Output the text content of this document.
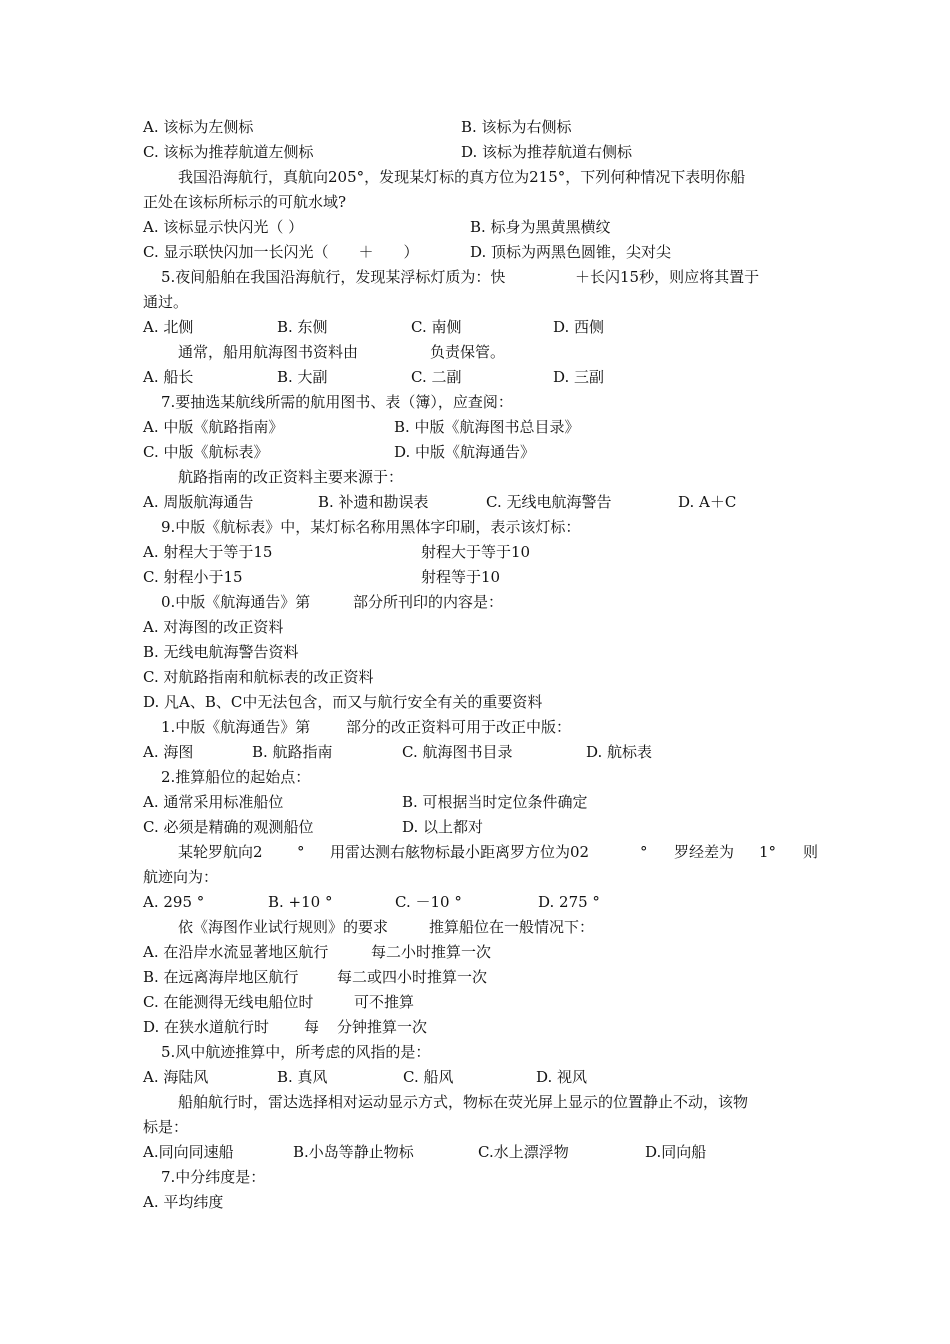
A. 该标为左侧标

	B. 该标为右侧标

C. 该标为推荐航道左侧标

	D. 该标为推荐航道右侧标

我国沿海航行，真航向205°，发现某灯标的真方位为215°，下列何种情况下表明你船

正处在该标所标示的可航水域?

A. 该标显示快闪光（ ）

	B. 标身为黑黄黑横纹

C. 显示联快闪加一长闪光（　　＋　　）

	D. 顶标为两黑色圆锥，尖对尖

5.夜间船舶在我国沿海航行，发现某浮标灯质为：快

	＋长闪15秒，则应将其置于

通过。

A. 北侧

	B. 东侧

	C. 南侧

	D. 西侧

通常，船用航海图书资料由

	负责保管。

A. 船长

	B. 大副

	C. 二副

	D. 三副

7.要抽选某航线所需的航用图书、表（簿），应查阅：

A. 中版《航路指南》

	B. 中版《航海图书总目录》

C. 中版《航标表》

	D. 中版《航海通告》

航路指南的改正资料主要来源于：

A. 周版航海通告

	B. 补遗和勘误表

	C. 无线电航海警告

	D. A＋C

9.中版《航标表》中，某灯标名称用黑体字印刷，表示该灯标：

A. 射程大于等于15

	射程大于等于10

C. 射程小于15

	射程等于10

0.中版《航海通告》第

	部分所刊印的内容是：

A. 对海图的改正资料

B. 无线电航海警告资料

C. 对航路指南和航标表的改正资料

D. 凡A、B、C中无法包含，而又与航行安全有关的重要资料

1.中版《航海通告》第

部分的改正资料可用于改正中版：

A. 海图

	B. 航路指南

	C. 航海图书目录

	D. 航标表

2.推算船位的起始点：

A. 通常采用标准船位

	B. 可根据当时定位条件确定

C. 必须是精确的观测船位

	D. 以上都对

某轮罗航向2

°

用雷达测右舷物标最小距离罗方位为02

	°

罗经差为

1°

则

航迹向为：

A. 295 °

	B. +10 °

	C. －10 °

	D. 275 °

依《海图作业试行规则》的要求

	推算船位在一般情况下：

A. 在沿岸水流显著地区航行

	每二小时推算一次

B. 在远离海岸地区航行

	每二或四小时推算一次

C. 在能测得无线电船位时

	可不推算

D. 在狭水道航行时

每

分钟推算一次

5.风中航迹推算中，所考虑的风指的是：

A. 海陆风

	B. 真风

	C. 船风

	D. 视风

船舶航行时，雷达选择相对运动显示方式，物标在荧光屏上显示的位置静止不动，该物

标是：

A.同向同速船

	B.小岛等静止物标

	C.水上漂浮物

	D.同向船

7.中分纬度是：

A. 平均纬度
